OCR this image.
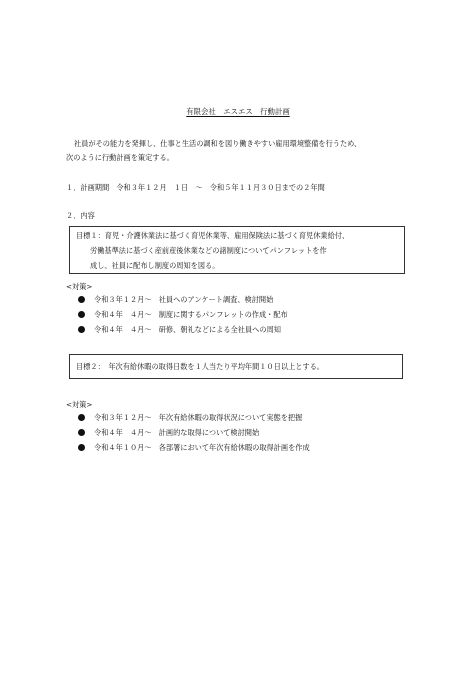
有限会社　エスエス　行動計画
社員がその能力を発揮し、仕事と生活の調和を図り働きやすい雇用環境整備を行うため、
次のように行動計画を策定する。
１．計画期間　令和３年１２月　１日　～　令和５年１１月３０日までの２年間
２．内容
目標１：育児・介護休業法に基づく育児休業等、雇用保険法に基づく育児休業給付、
労働基準法に基づく産前産後休業などの諸制度についてパンフレットを作
成し、社員に配布し制度の周知を図る。
<対策>
令和３年１２月～　社員へのアンケート調査、検討開始
令和４年　４月～　制度に関するパンフレットの作成・配布
令和４年　４月～　研修、朝礼などによる全社員への周知
目標２：　年次有給休暇の取得日数を１人当たり平均年間１０日以上とする。
<対策>
令和３年１２月～　年次有給休暇の取得状況について実態を把握
令和４年　４月～　計画的な取得について検討開始
令和４年１０月～　各部署において年次有給休暇の取得計画を作成
